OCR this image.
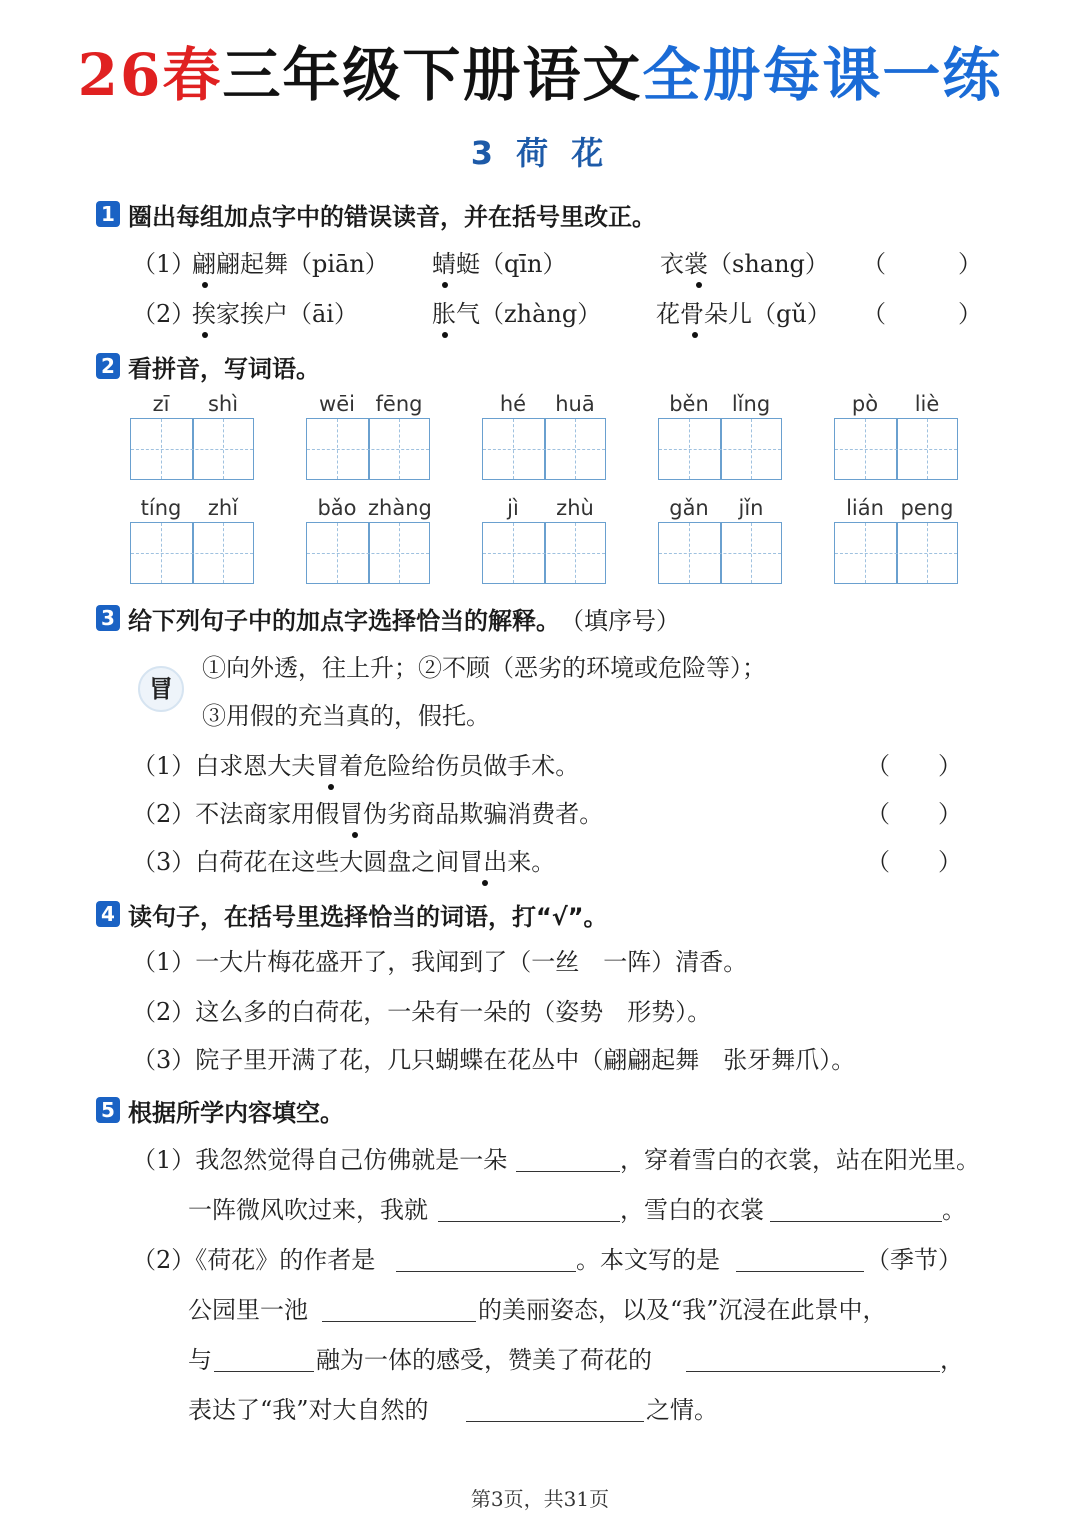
26春三年级下册语文全册每课一练
3 荷 花
1 圈出每组加点字中的错误读音，并在括号里改正。
（1）
翩翩起舞（piān） 蜻蜓（qīn）	衣裳（shang） （　　　）
（2）
挨家挨户（āi）	胀气（zhàng） 花骨朵儿（gǔ） （　　　）
2 看拼音，写词语。
zī	shì	wēi fēng	hé	huā	běn	lǐng	pò	liè
tíng	zhǐ	bǎo zhàng	jì	zhù	gǎn	jǐn	lián peng
3 给下列句子中的加点字选择恰当的解释。 （填序号）
冒
①向外透，往上升；②不顾（恶劣的环境或危险等）；
③用假的充当真的，假托。
（1）白求恩大夫冒着危险给伤员做手术。	（　　）
（2）不法商家用假冒伪劣商品欺骗消费者。	（　　）
（3）白荷花在这些大圆盘之间冒出来。	（　　）
4 读句子，在括号里选择恰当的词语，打“√”。
（1）一大片梅花盛开了，我闻到了（一丝　一阵）清香。
（2）这么多的白荷花，一朵有一朵的（姿势　形势）。
（3）院子里开满了花，几只蝴蝶在花丛中（翩翩起舞　张牙舞爪）。
5 根据所学内容填空。
（1）我忽然觉得自己仿佛就是一朵	，穿着雪白的衣裳，站在阳光里。
一阵微风吹过来，我就	，雪白的衣裳	。
（2）《荷花》的作者是	。本文写的是	（季节）
公园里一池	的美丽姿态，以及“我”沉浸在此景中，
与	融为一体的感受，赞美了荷花的	，
表达了“我”对大自然的	之情。
第3页，共31页
